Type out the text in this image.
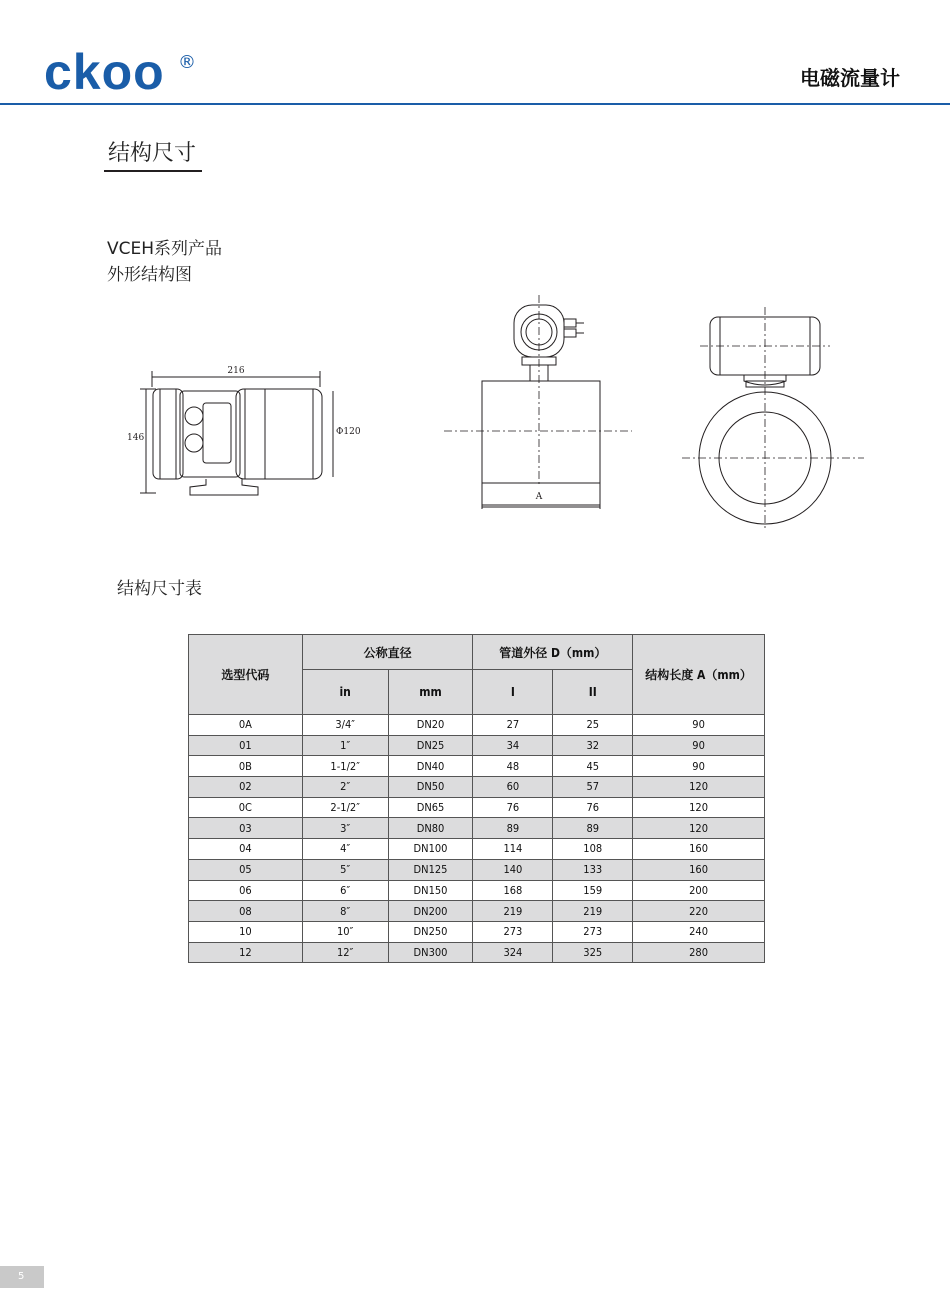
ckoo ®
电磁流量计
结构尺寸
VCEH系列产品
外形结构图
216
146
Φ120
A
结构尺寸表
选型代码	公称直径		管道外径 D（mm）		结构长度 A（mm）
	in	mm	I	II	
0A	3/4″	DN20	27	25	90
01	1″	DN25	34	32	90
0B	1-1/2″	DN40	48	45	90
02	2″	DN50	60	57	120
0C	2-1/2″	DN65	76	76	120
03	3″	DN80	89	89	120
04	4″	DN100	114	108	160
05	5″	DN125	140	133	160
06	6″	DN150	168	159	200
08	8″	DN200	219	219	220
10	10″	DN250	273	273	240
12	12″	DN300	324	325	280
5
